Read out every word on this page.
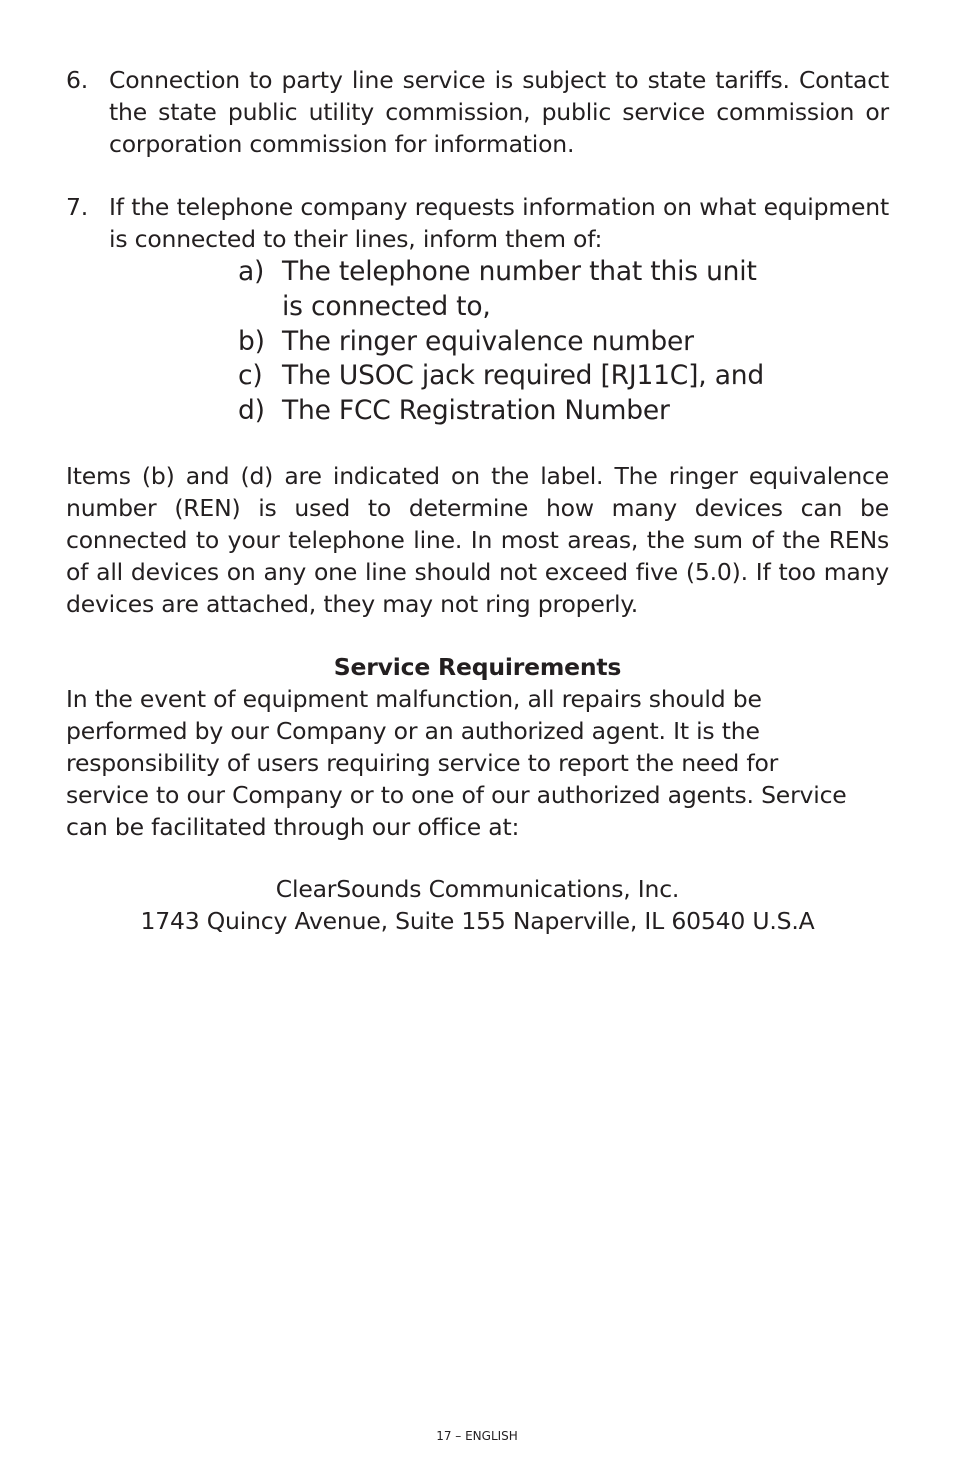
6. Connection to party line service is subject to state tariffs. Contact the state public utility commission, public service commission or corporation commission for information.
7. If the telephone company requests information on what equipment is connected to their lines, inform them of:
a) The telephone number that this unit
is connected to,
b) The ringer equivalence number
c) The USOC jack required [RJ11C], and
d) The FCC Registration Number
Items (b) and (d) are indicated on the label. The ringer equivalence number (REN) is used to determine how many devices can be connected to your telephone line. In most areas, the sum of the RENs of all devices on any one line should not exceed five (5.0). If too many devices are attached, they may not ring properly.
Service Requirements
In the event of equipment malfunction, all repairs should be
performed by our Company or an authorized agent. It is the
responsibility of users requiring service to report the need for
service to our Company or to one of our authorized agents. Service
can be facilitated through our office at:
ClearSounds Communications, Inc.
1743 Quincy Avenue, Suite 155 Naperville, IL 60540 U.S.A
17 – ENGLISH
